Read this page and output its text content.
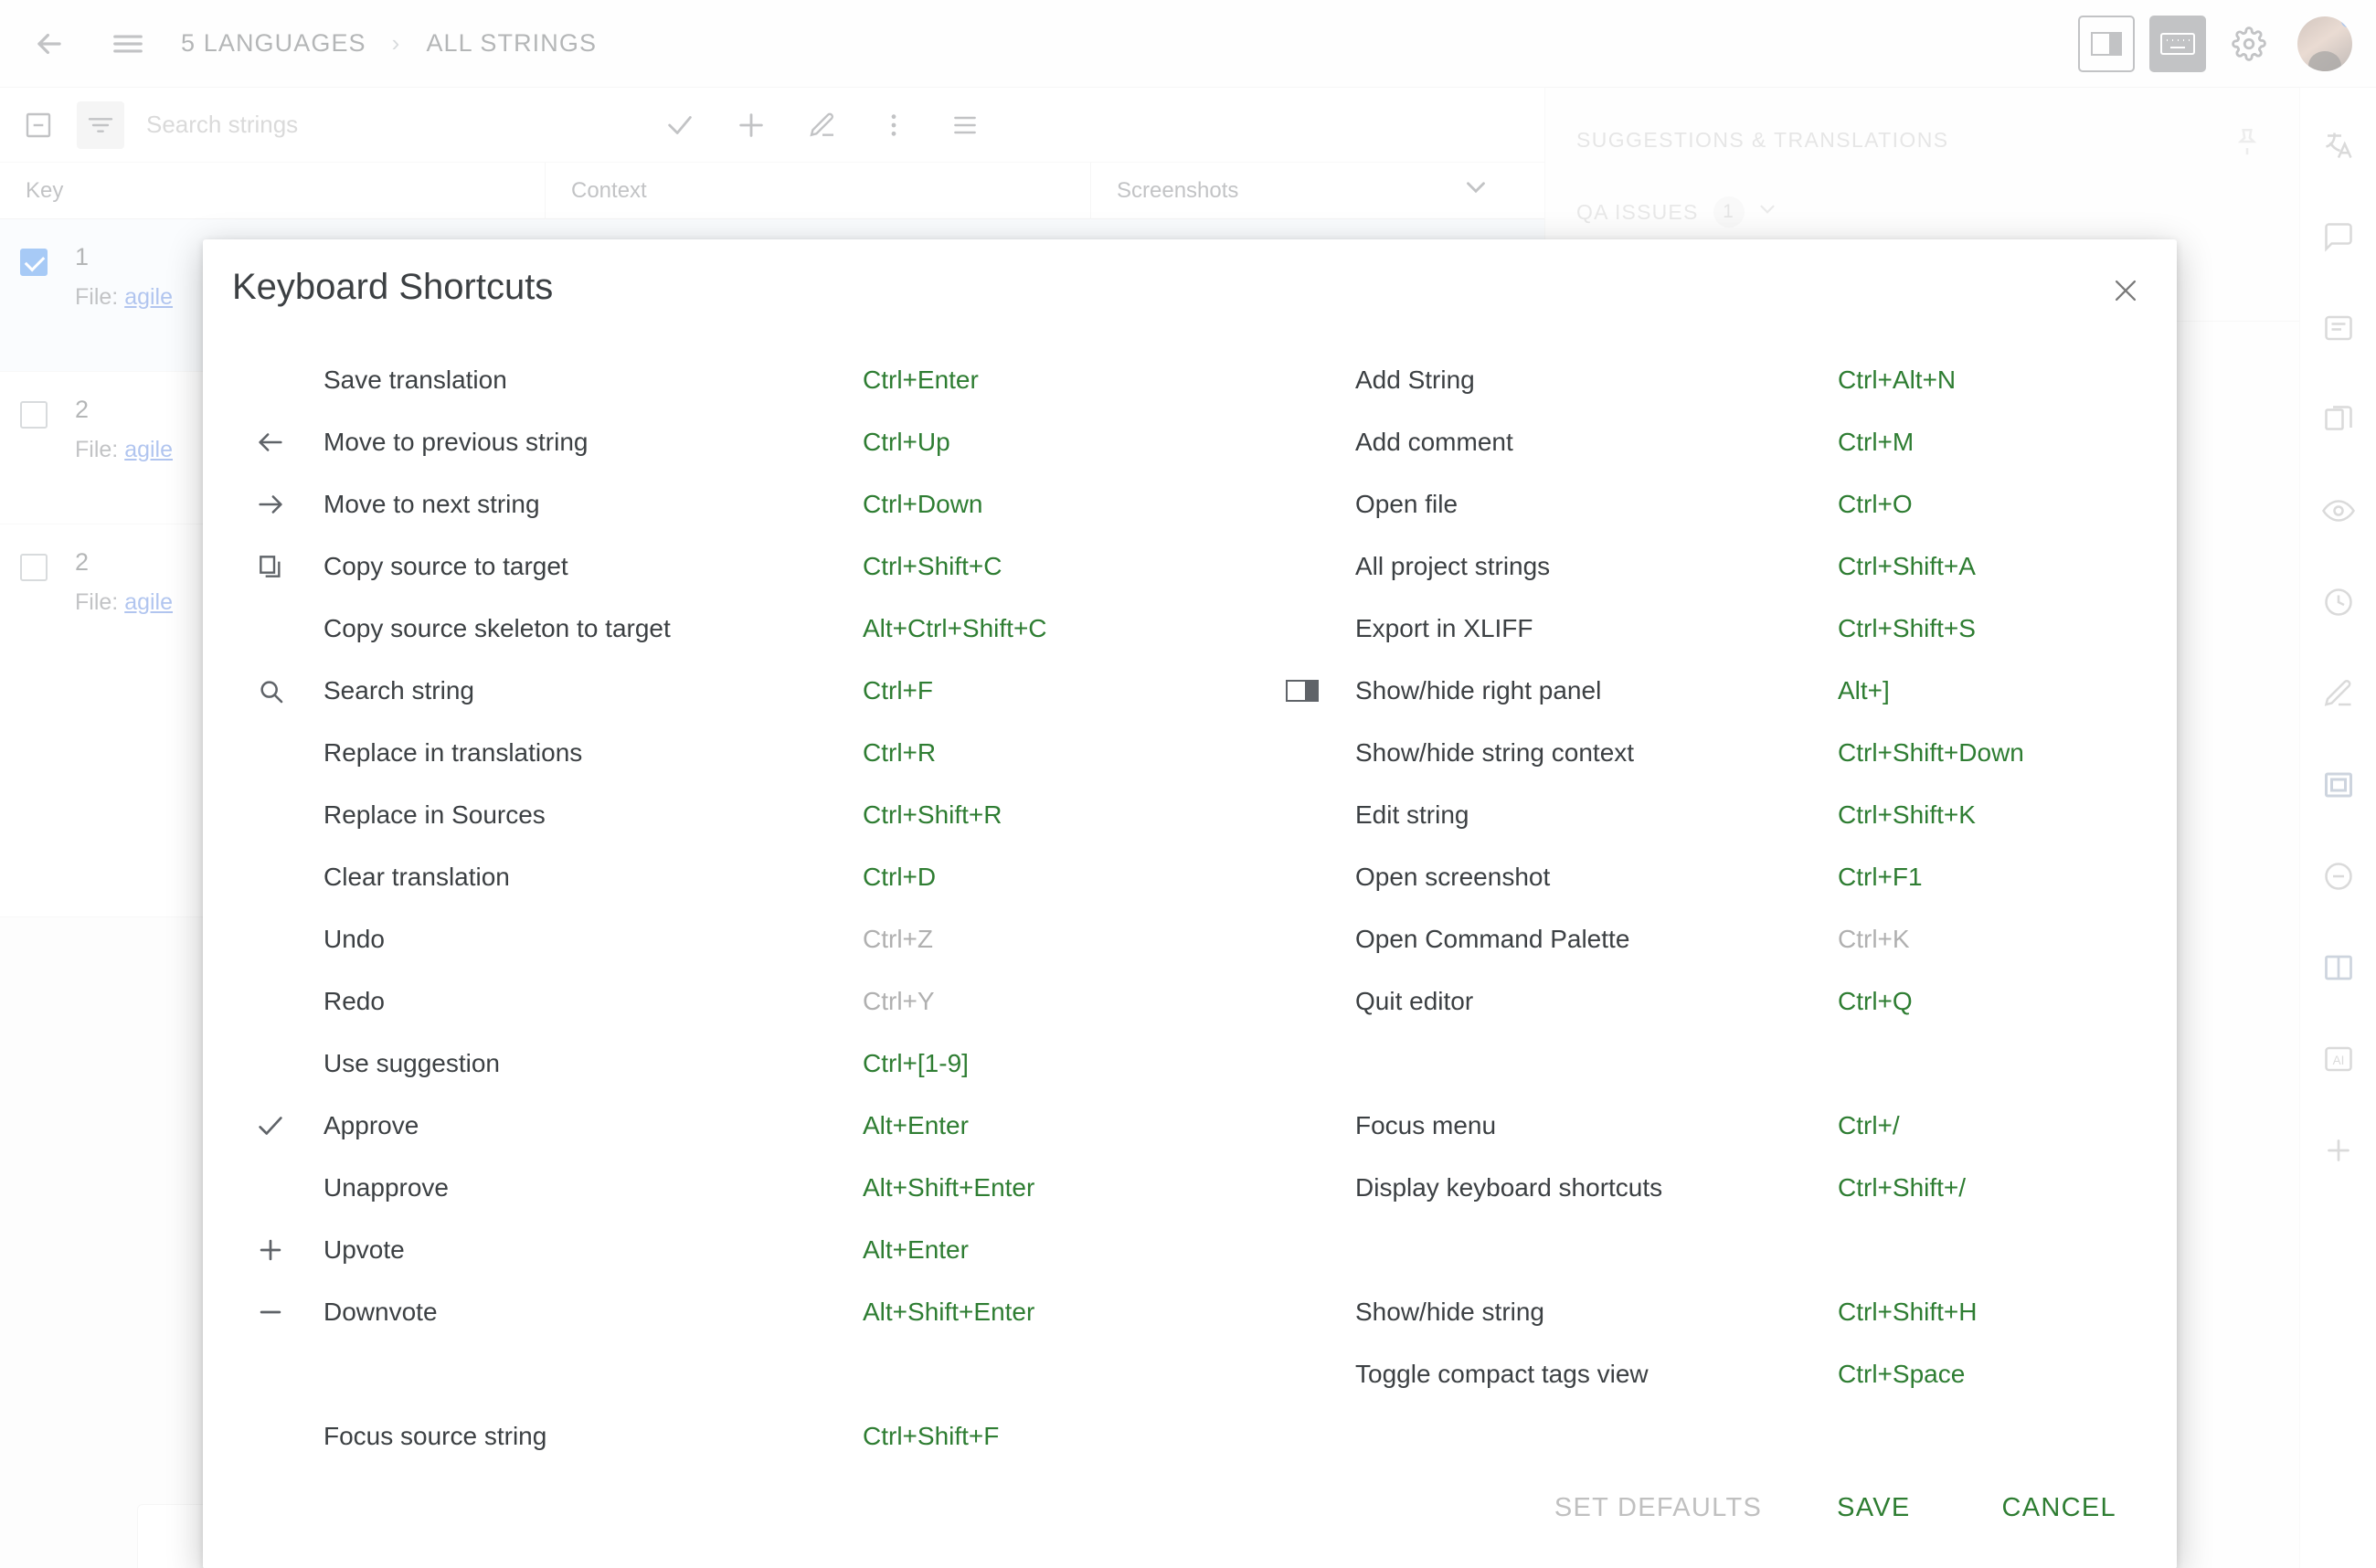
Search strings
Keyboard Shortcuts
Save translation	Ctrl+Enter
Move to previous string	Ctrl+Up
Move to next string	Ctrl+Down
Copy source to target	Ctrl+Shift+C
Copy source skeleton to target	Alt+Ctrl+Shift+C
Search string	Ctrl+F
Replace in translations	Ctrl+R
Replace in Sources	Ctrl+Shift+R
Clear translation	Ctrl+D
Undo	Ctrl+Z
Redo	Ctrl+Y
Use suggestion	Ctrl+[1-9]
Approve	Alt+Enter
Unapprove	Alt+Shift+Enter
Upvote	Alt+Enter
Downvote	Alt+Shift+Enter
Focus source string	Ctrl+Shift+F
Add String	Ctrl+Alt+N
Add comment	Ctrl+M
Open file	Ctrl+O
All project strings	Ctrl+Shift+A
Export in XLIFF	Ctrl+Shift+S
Show/hide right panel	Alt+]
Show/hide string context	Ctrl+Shift+Down
Edit string	Ctrl+Shift+K
Open screenshot	Ctrl+F1
Open Command Palette	Ctrl+K
Quit editor	Ctrl+Q
Focus menu	Ctrl+/
Display keyboard shortcuts	Ctrl+Shift+/
Show/hide string	Ctrl+Shift+H
Toggle compact tags view	Ctrl+Space
SET DEFAULTS	SAVE	CANCEL
